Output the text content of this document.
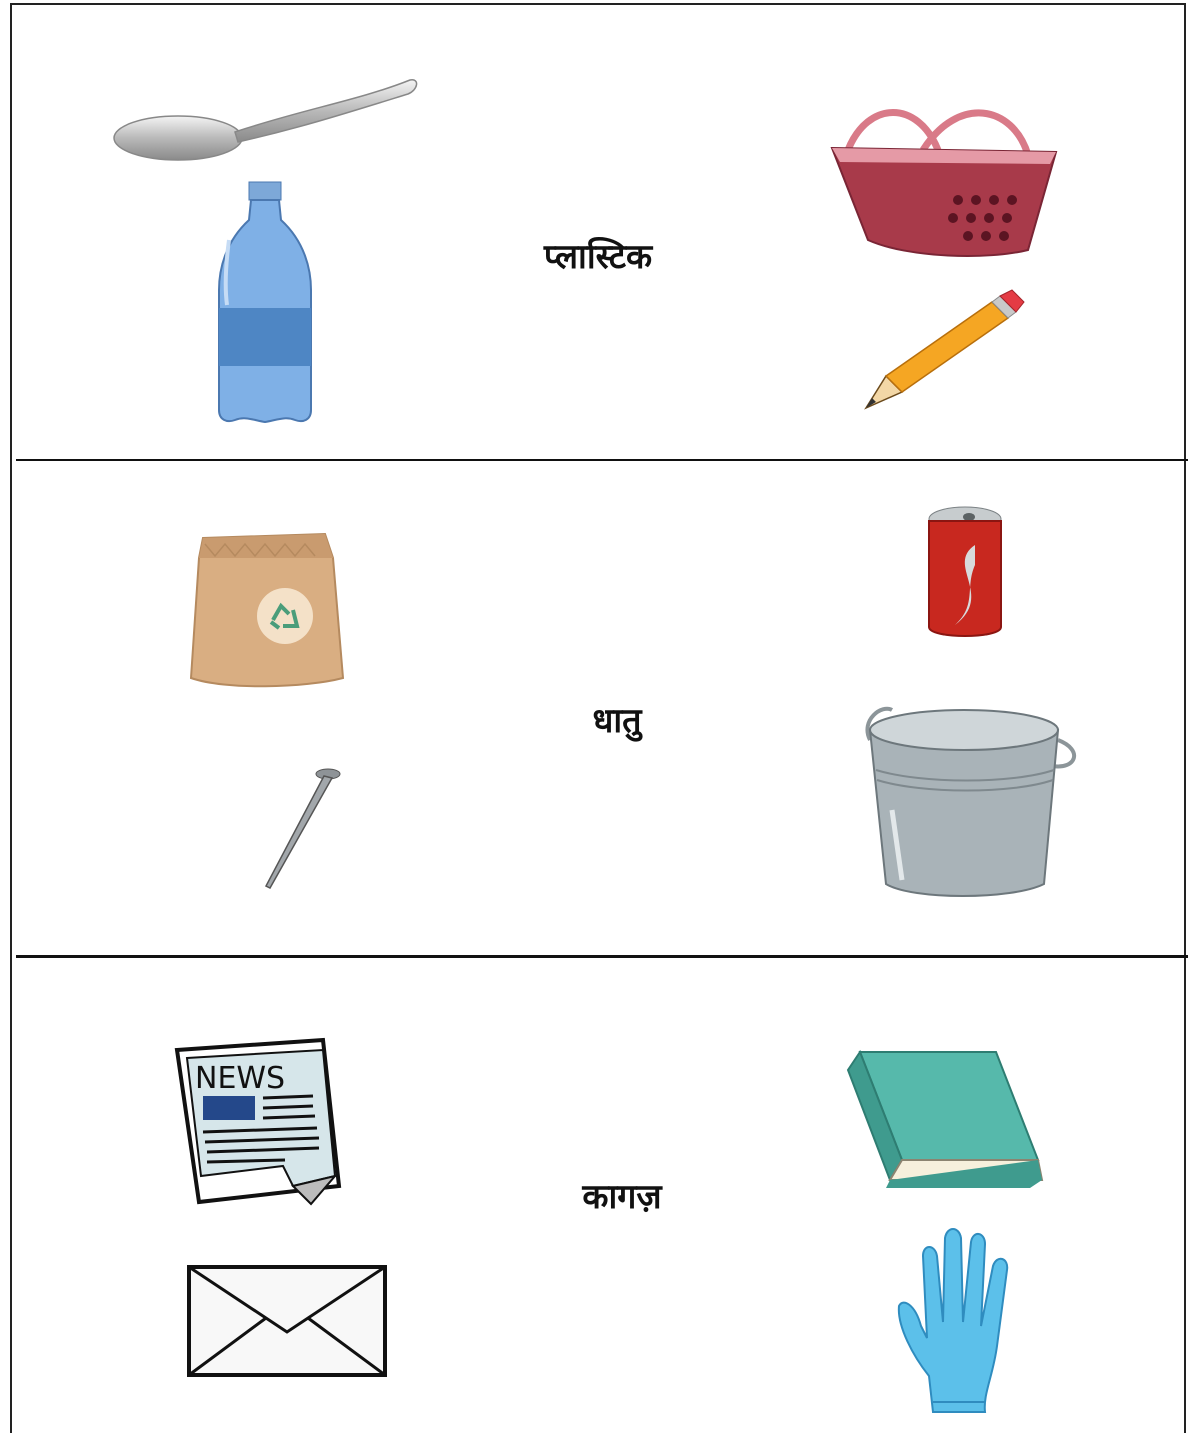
प्लास्टिक
धातु
NEWS
कागज़
